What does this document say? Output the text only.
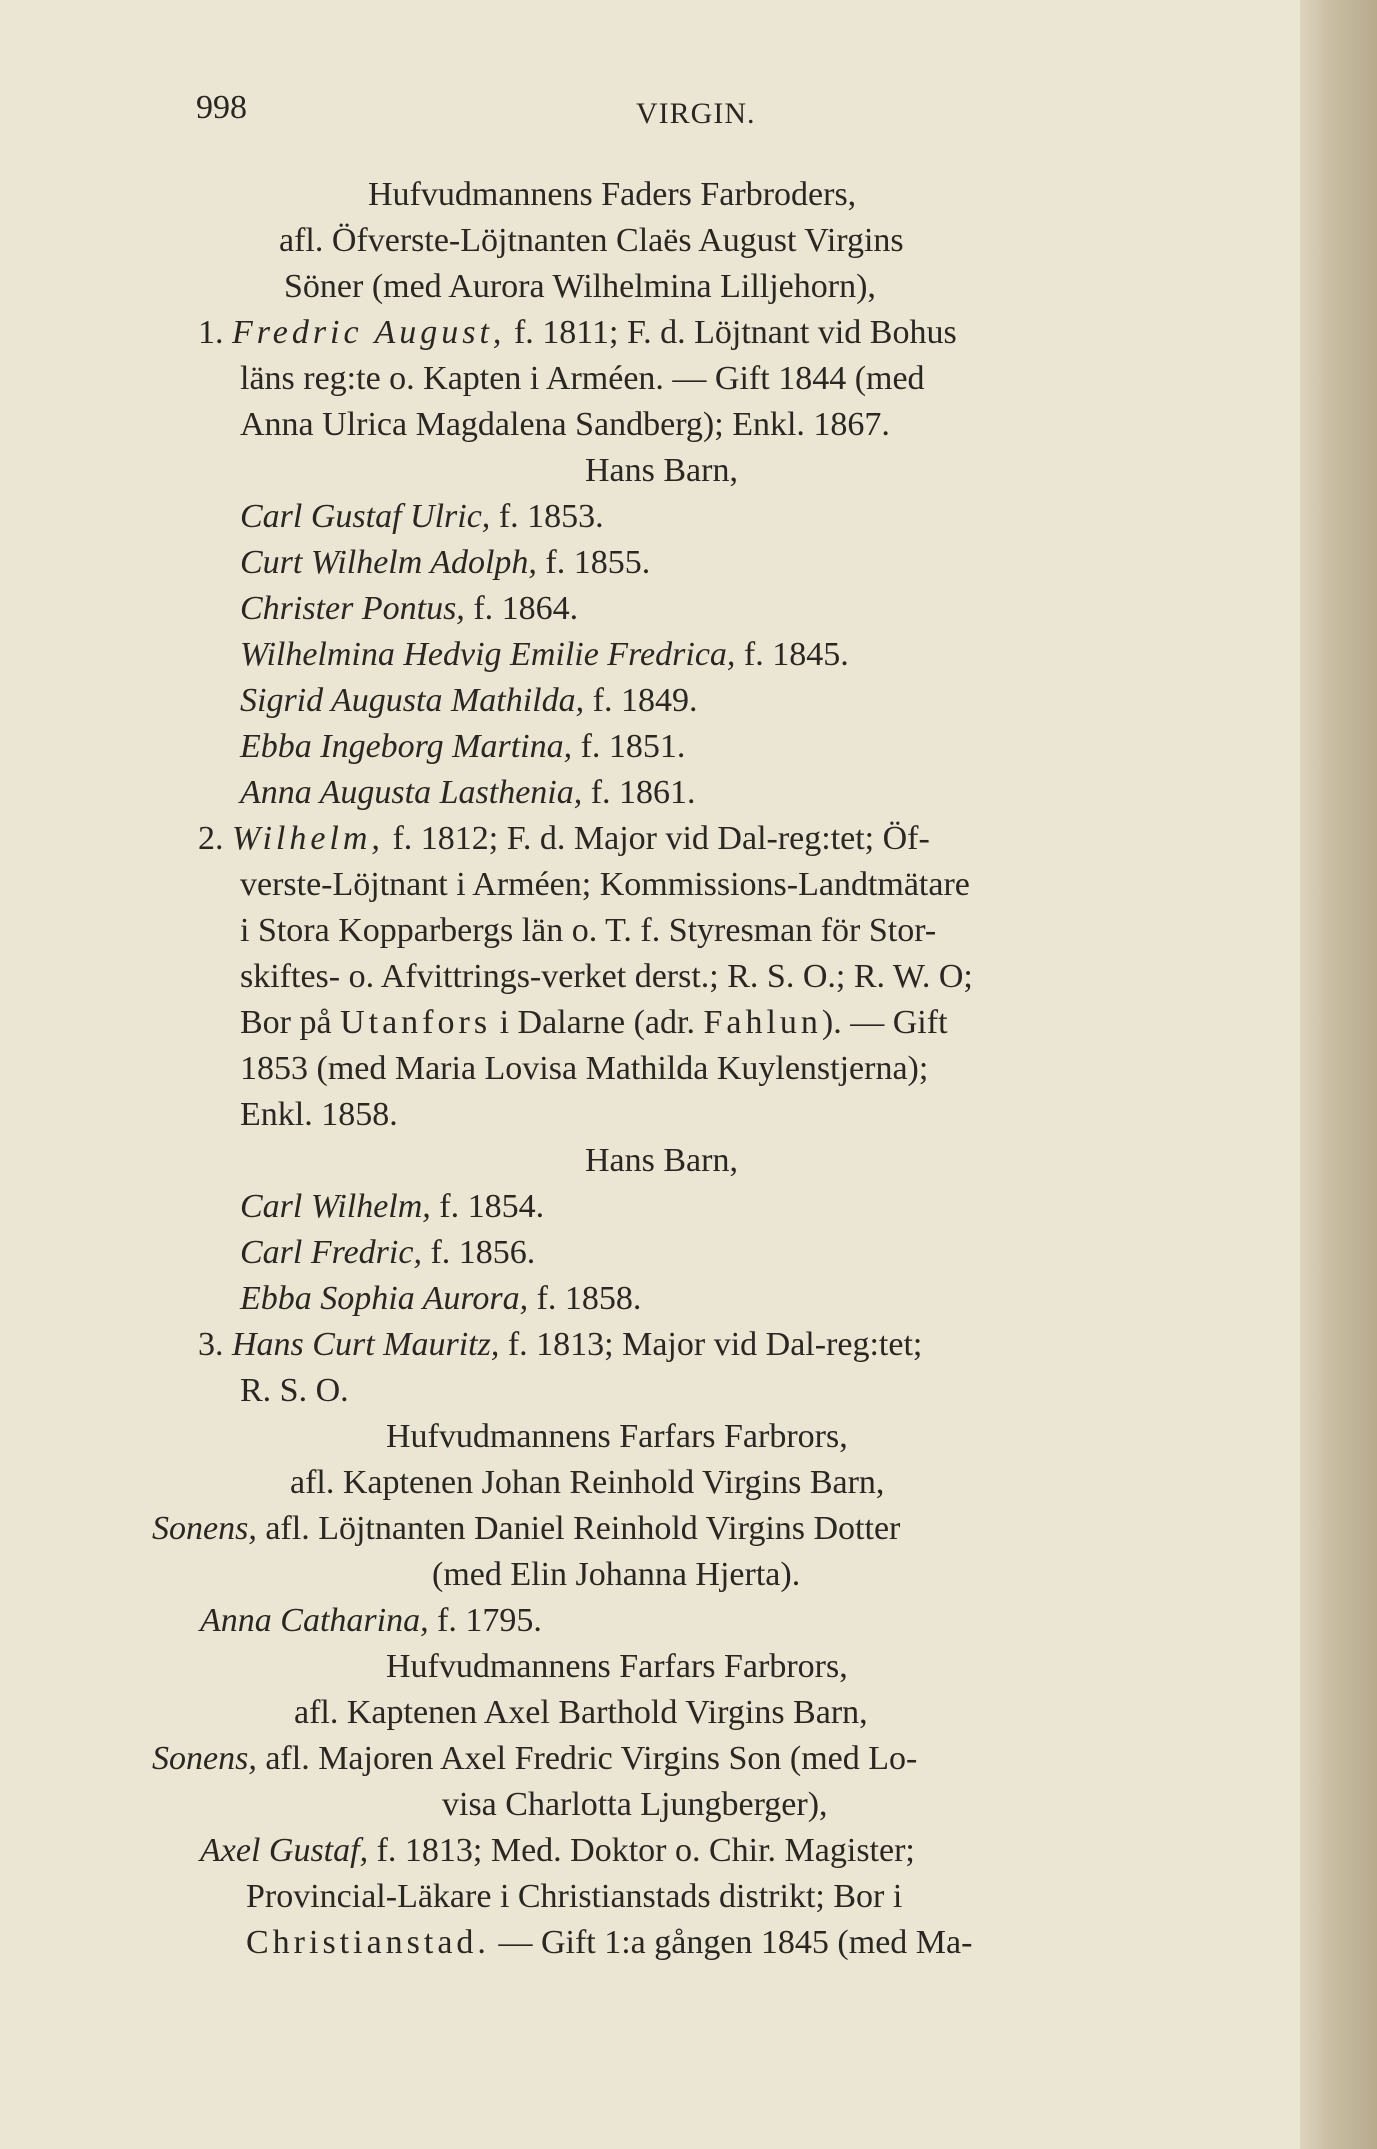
998	VIRGIN.
Hufvudmannens Faders Farbroders,
afl. Öfverste-Löjtnanten Claës August Virgins
Söner (med Aurora Wilhelmina Lilljehorn),
1. Fredric August, f. 1811; F. d. Löjtnant vid Bohus
läns reg:te o. Kapten i Arméen. — Gift 1844 (med
Anna Ulrica Magdalena Sandberg); Enkl. 1867.
Hans Barn,
Carl Gustaf Ulric, f. 1853.
Curt Wilhelm Adolph, f. 1855.
Christer Pontus, f. 1864.
Wilhelmina Hedvig Emilie Fredrica, f. 1845.
Sigrid Augusta Mathilda, f. 1849.
Ebba Ingeborg Martina, f. 1851.
Anna Augusta Lasthenia, f. 1861.
2. Wilhelm, f. 1812; F. d. Major vid Dal-reg:tet; Öf-
verste-Löjtnant i Arméen; Kommissions-Landtmätare
i Stora Kopparbergs län o. T. f. Styresman för Stor-
skiftes- o. Afvittrings-verket derst.; R. S. O.; R. W. O;
Bor på Utanfors i Dalarne (adr. Fahlun). — Gift
1853 (med Maria Lovisa Mathilda Kuylenstjerna);
Enkl. 1858.
Hans Barn,
Carl Wilhelm, f. 1854.
Carl Fredric, f. 1856.
Ebba Sophia Aurora, f. 1858.
3. Hans Curt Mauritz, f. 1813; Major vid Dal-reg:tet;
R. S. O.
Hufvudmannens Farfars Farbrors,
afl. Kaptenen Johan Reinhold Virgins Barn,
Sonens, afl. Löjtnanten Daniel Reinhold Virgins Dotter
(med Elin Johanna Hjerta).
Anna Catharina, f. 1795.
Hufvudmannens Farfars Farbrors,
afl. Kaptenen Axel Barthold Virgins Barn,
Sonens, afl. Majoren Axel Fredric Virgins Son (med Lo-
visa Charlotta Ljungberger),
Axel Gustaf, f. 1813; Med. Doktor o. Chir. Magister;
Provincial-Läkare i Christianstads distrikt; Bor i
Christianstad. — Gift 1:a gången 1845 (med Ma-
